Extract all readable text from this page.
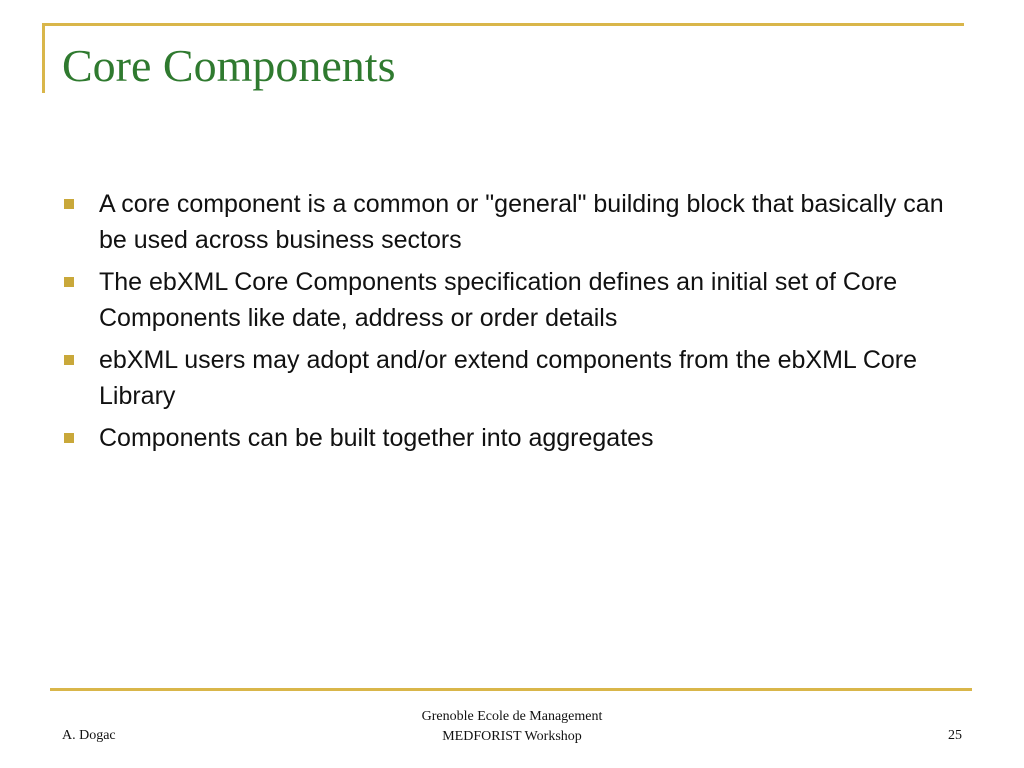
Core Components
A core component is a common or "general" building block that basically can be used across business sectors
The ebXML Core Components specification defines an initial set of Core Components like date, address or order details
ebXML users may adopt and/or extend components from the ebXML Core Library
Components can be built together into aggregates
A. Dogac
Grenoble Ecole de Management
MEDFORIST Workshop	25
